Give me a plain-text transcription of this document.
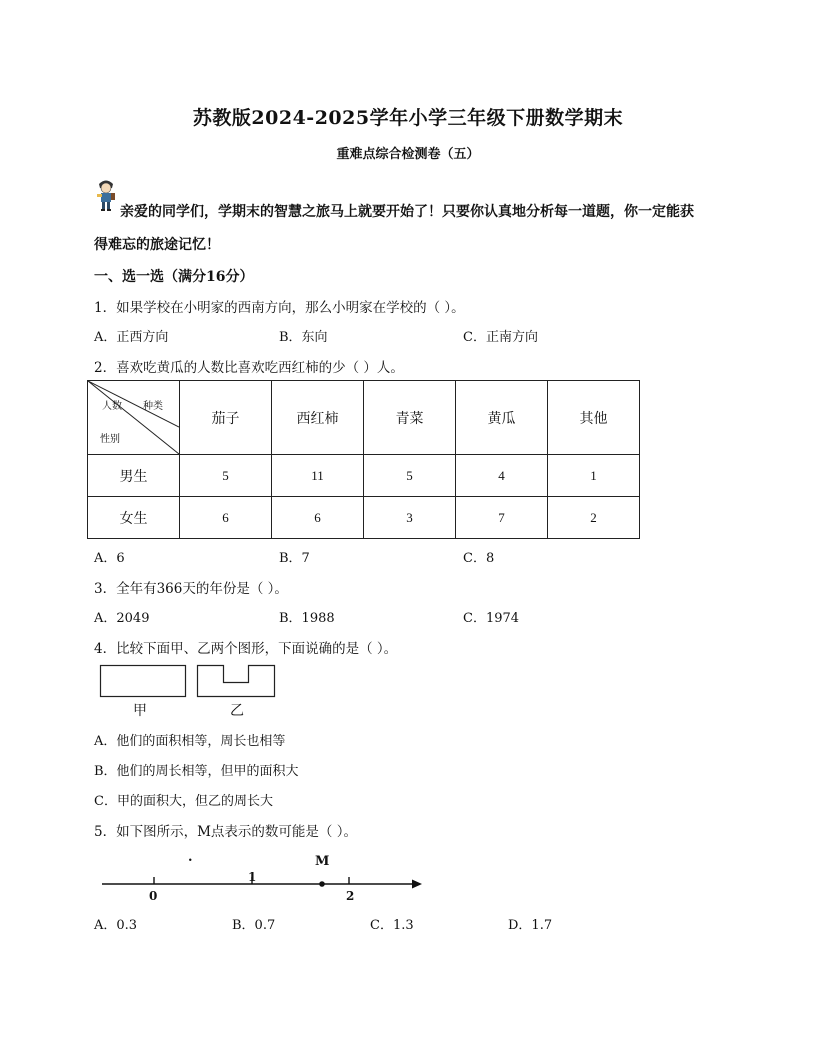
苏教版2024-2025学年小学三年级下册数学期末
重难点综合检测卷（五）
亲爱的同学们，学期末的智慧之旅马上就要开始了！只要你认真地分析每一道题，你一定能获
得难忘的旅途记忆！
一、选一选（满分16分）
1．如果学校在小明家的西南方向，那么小明家在学校的（ ）。
A．正西方向	B．东向	C．正南方向
2．喜欢吃黄瓜的人数比喜欢吃西红柿的少（ ）人。
人数 种类
性别	茄子	西红柿	青菜	黄瓜	其他
男生	5	11	5	4	1
女生	6	6	3	7	2
A．6	B．7	C．8
3．全年有366天的年份是（ ）。
A．2049	B．1988	C．1974
4．比较下面甲、乙两个图形，下面说确的是（ ）。
甲	乙
A．他们的面积相等，周长也相等
B．他们的周长相等，但甲的面积大
C．甲的面积大，但乙的周长大
5．如下图所示，M点表示的数可能是（ ）。
.	M
0
1
2
A．0.3	B．0.7	C．1.3	D．1.7
